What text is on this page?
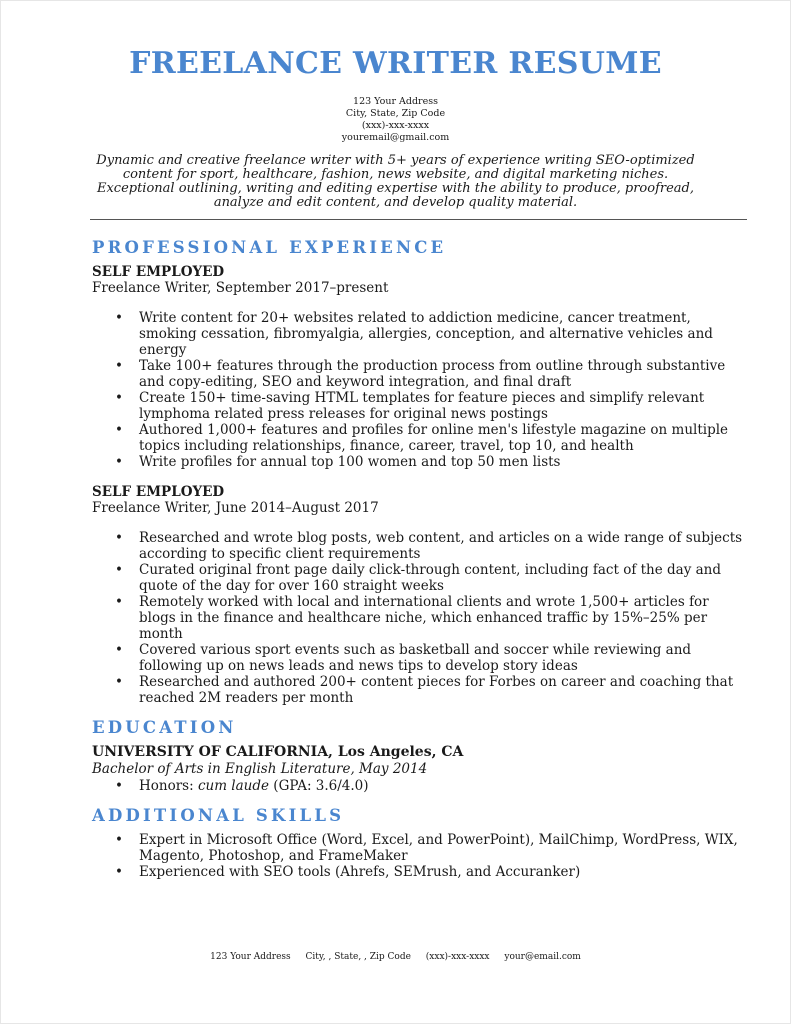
FREELANCE WRITER RESUME
123 Your Address
City, State, Zip Code
(xxx)-xxx-xxxx
youremail@gmail.com

Dynamic and creative freelance writer with 5+ years of experience writing SEO-optimized content for sport, healthcare, fashion, news website, and digital marketing niches. Exceptional outlining, writing and editing expertise with the ability to produce, proofread, analyze and edit content, and develop quality material.

PROFESSIONAL EXPERIENCE
SELF EMPLOYED
Freelance Writer, September 2017–present
• Write content for 20+ websites related to addiction medicine, cancer treatment, smoking cessation, fibromyalgia, allergies, conception, and alternative vehicles and energy
• Take 100+ features through the production process from outline through substantive and copy-editing, SEO and keyword integration, and final draft
• Create 150+ time-saving HTML templates for feature pieces and simplify relevant lymphoma related press releases for original news postings
• Authored 1,000+ features and profiles for online men's lifestyle magazine on multiple topics including relationships, finance, career, travel, top 10, and health
• Write profiles for annual top 100 women and top 50 men lists
SELF EMPLOYED
Freelance Writer, June 2014–August 2017
• Researched and wrote blog posts, web content, and articles on a wide range of subjects according to specific client requirements
• Curated original front page daily click-through content, including fact of the day and quote of the day for over 160 straight weeks
• Remotely worked with local and international clients and wrote 1,500+ articles for blogs in the finance and healthcare niche, which enhanced traffic by 15%–25% per month
• Covered various sport events such as basketball and soccer while reviewing and following up on news leads and news tips to develop story ideas
• Researched and authored 200+ content pieces for Forbes on career and coaching that reached 2M readers per month
EDUCATION
UNIVERSITY OF CALIFORNIA, Los Angeles, CA
Bachelor of Arts in English Literature, May 2014
• Honors: cum laude (GPA: 3.6/4.0)
ADDITIONAL SKILLS
• Expert in Microsoft Office (Word, Excel, and PowerPoint), MailChimp, WordPress, WIX, Magento, Photoshop, and FrameMaker
• Experienced with SEO tools (Ahrefs, SEMrush, and Accuranker)
123 Your Address City, , State, , Zip Code (xxx)-xxx-xxxx your@email.com
